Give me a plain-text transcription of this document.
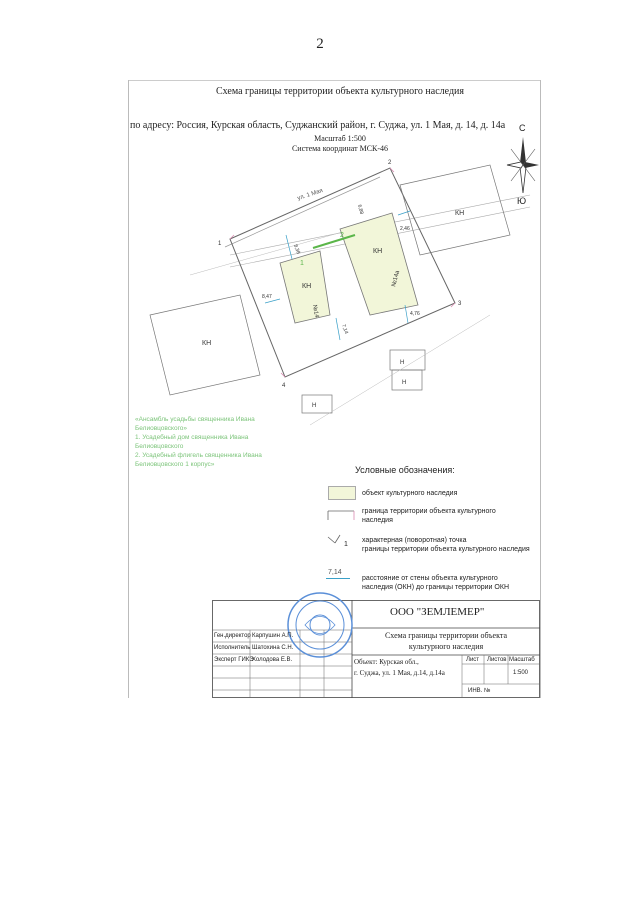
2
Схема границы территории объекта культурного наследия
по адресу: Россия, Курская область, Суджанский район, г. Суджа, ул. 1 Мая, д. 14, д. 14а
Масштаб 1:500
Система координат МСК-46
С
Ю
ул. 1 Мая
1
2
3
4
КН
КН
КН
КН
Н
Н
Н
№14
№14а
1
2
8,38
7,14
2,46
8,47
6,88
4,76
«Ансамбль усадьбы священника Ивана
Белиовцовского»
1. Усадебный дом священника Ивана
Белиовцовского
2. Усадебный флигель священника Ивана
Белиовцовского 1 корпус»
Условные обозначения:
объект культурного наследия
граница территории объекта культурного
наследия
1
характерная (поворотная) точка
границы территории объекта культурного наследия
7,14
расстояние от стены объекта культурного
наследия (ОКН) до границы территории ОКН
ООО "ЗЕМЛЕМЕР"
Схема границы территории объекта
культурного наследия
Ген.директор Карпушин А.П.
Исполнитель Шатохина С.Н.
Эксперт ГИКЭ
Холодова Е.В.	Объект: Курская обл.,
г. Суджа, ул. 1 Мая, д.14, д.14а
Лист Листов Масштаб
1:500
ИНВ. №
